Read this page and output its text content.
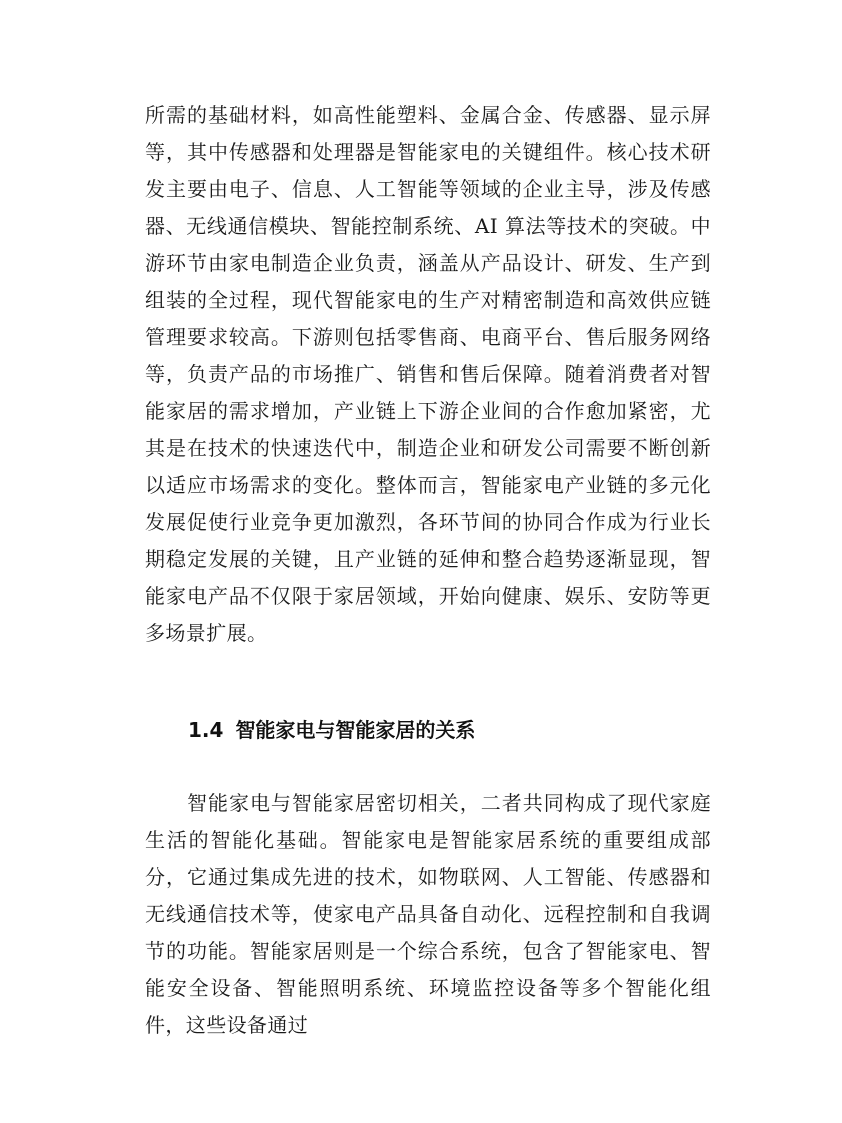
所需的基础材料，如高性能塑料、金属合金、传感器、显示屏等，其中传感器和处理器是智能家电的关键组件。核心技术研发主要由电子、信息、人工智能等领域的企业主导，涉及传感器、无线通信模块、智能控制系统、AI 算法等技术的突破。中游环节由家电制造企业负责，涵盖从产品设计、研发、生产到组装的全过程，现代智能家电的生产对精密制造和高效供应链管理要求较高。下游则包括零售商、电商平台、售后服务网络等，负责产品的市场推广、销售和售后保障。随着消费者对智能家居的需求增加，产业链上下游企业间的合作愈加紧密，尤其是在技术的快速迭代中，制造企业和研发公司需要不断创新以适应市场需求的变化。整体而言，智能家电产业链的多元化发展促使行业竞争更加激烈，各环节间的协同合作成为行业长期稳定发展的关键，且产业链的延伸和整合趋势逐渐显现，智能家电产品不仅限于家居领域，开始向健康、娱乐、安防等更多场景扩展。

1.4 智能家电与智能家居的关系

智能家电与智能家居密切相关，二者共同构成了现代家庭生活的智能化基础。智能家电是智能家居系统的重要组成部分，它通过集成先进的技术，如物联网、人工智能、传感器和无线通信技术等，使家电产品具备自动化、远程控制和自我调节的功能。智能家居则是一个综合系统，包含了智能家电、智能安全设备、智能照明系统、环境监控设备等多个智能化组件，这些设备通过
